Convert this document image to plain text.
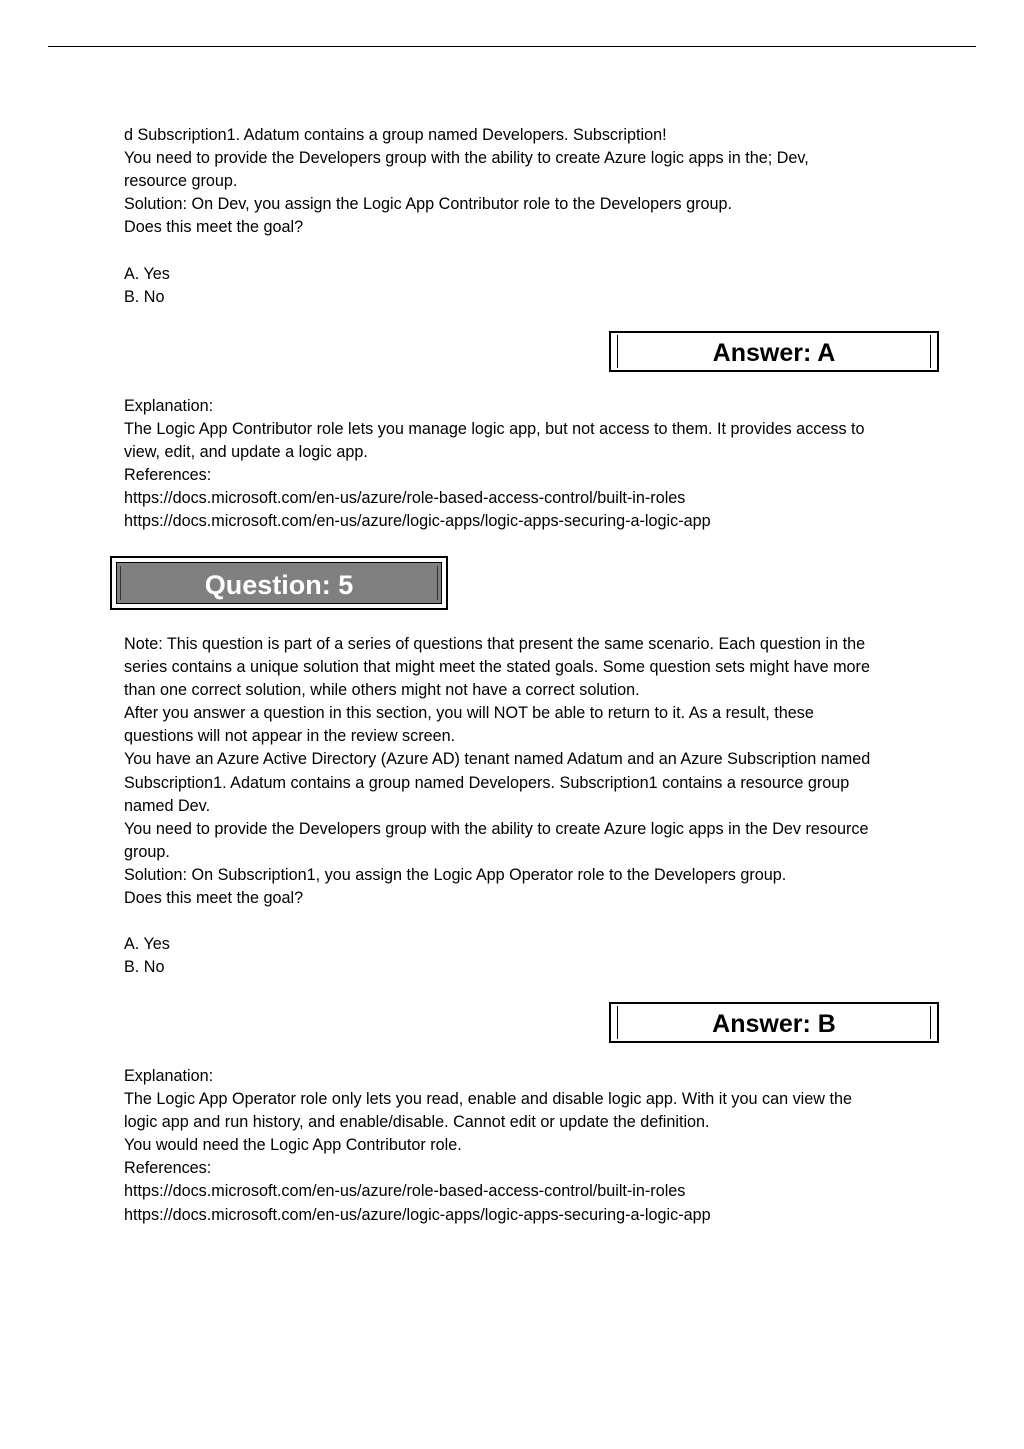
d Subscription1. Adatum contains a group named Developers. Subscription!
You need to provide the Developers group with the ability to create Azure logic apps in the; Dev,
resource group.
Solution: On Dev, you assign the Logic App Contributor role to the Developers group.
Does this meet the goal?
A. Yes
B. No
Answer: A
Explanation:
The Logic App Contributor role lets you manage logic app, but not access to them. It provides access to
view, edit, and update a logic app.
References:
https://docs.microsoft.com/en-us/azure/role-based-access-control/built-in-roles
https://docs.microsoft.com/en-us/azure/logic-apps/logic-apps-securing-a-logic-app
Question: 5
Note: This question is part of a series of questions that present the same scenario. Each question in the
series contains a unique solution that might meet the stated goals. Some question sets might have more
than one correct solution, while others might not have a correct solution.
After you answer a question in this section, you will NOT be able to return to it. As a result, these
questions will not appear in the review screen.
You have an Azure Active Directory (Azure AD) tenant named Adatum and an Azure Subscription named
Subscription1. Adatum contains a group named Developers. Subscription1 contains a resource group
named Dev.
You need to provide the Developers group with the ability to create Azure logic apps in the Dev resource
group.
Solution: On Subscription1, you assign the Logic App Operator role to the Developers group.
Does this meet the goal?
A. Yes
B. No
Answer: B
Explanation:
The Logic App Operator role only lets you read, enable and disable logic app. With it you can view the
logic app and run history, and enable/disable. Cannot edit or update the definition.
You would need the Logic App Contributor role.
References:
https://docs.microsoft.com/en-us/azure/role-based-access-control/built-in-roles
https://docs.microsoft.com/en-us/azure/logic-apps/logic-apps-securing-a-logic-app
